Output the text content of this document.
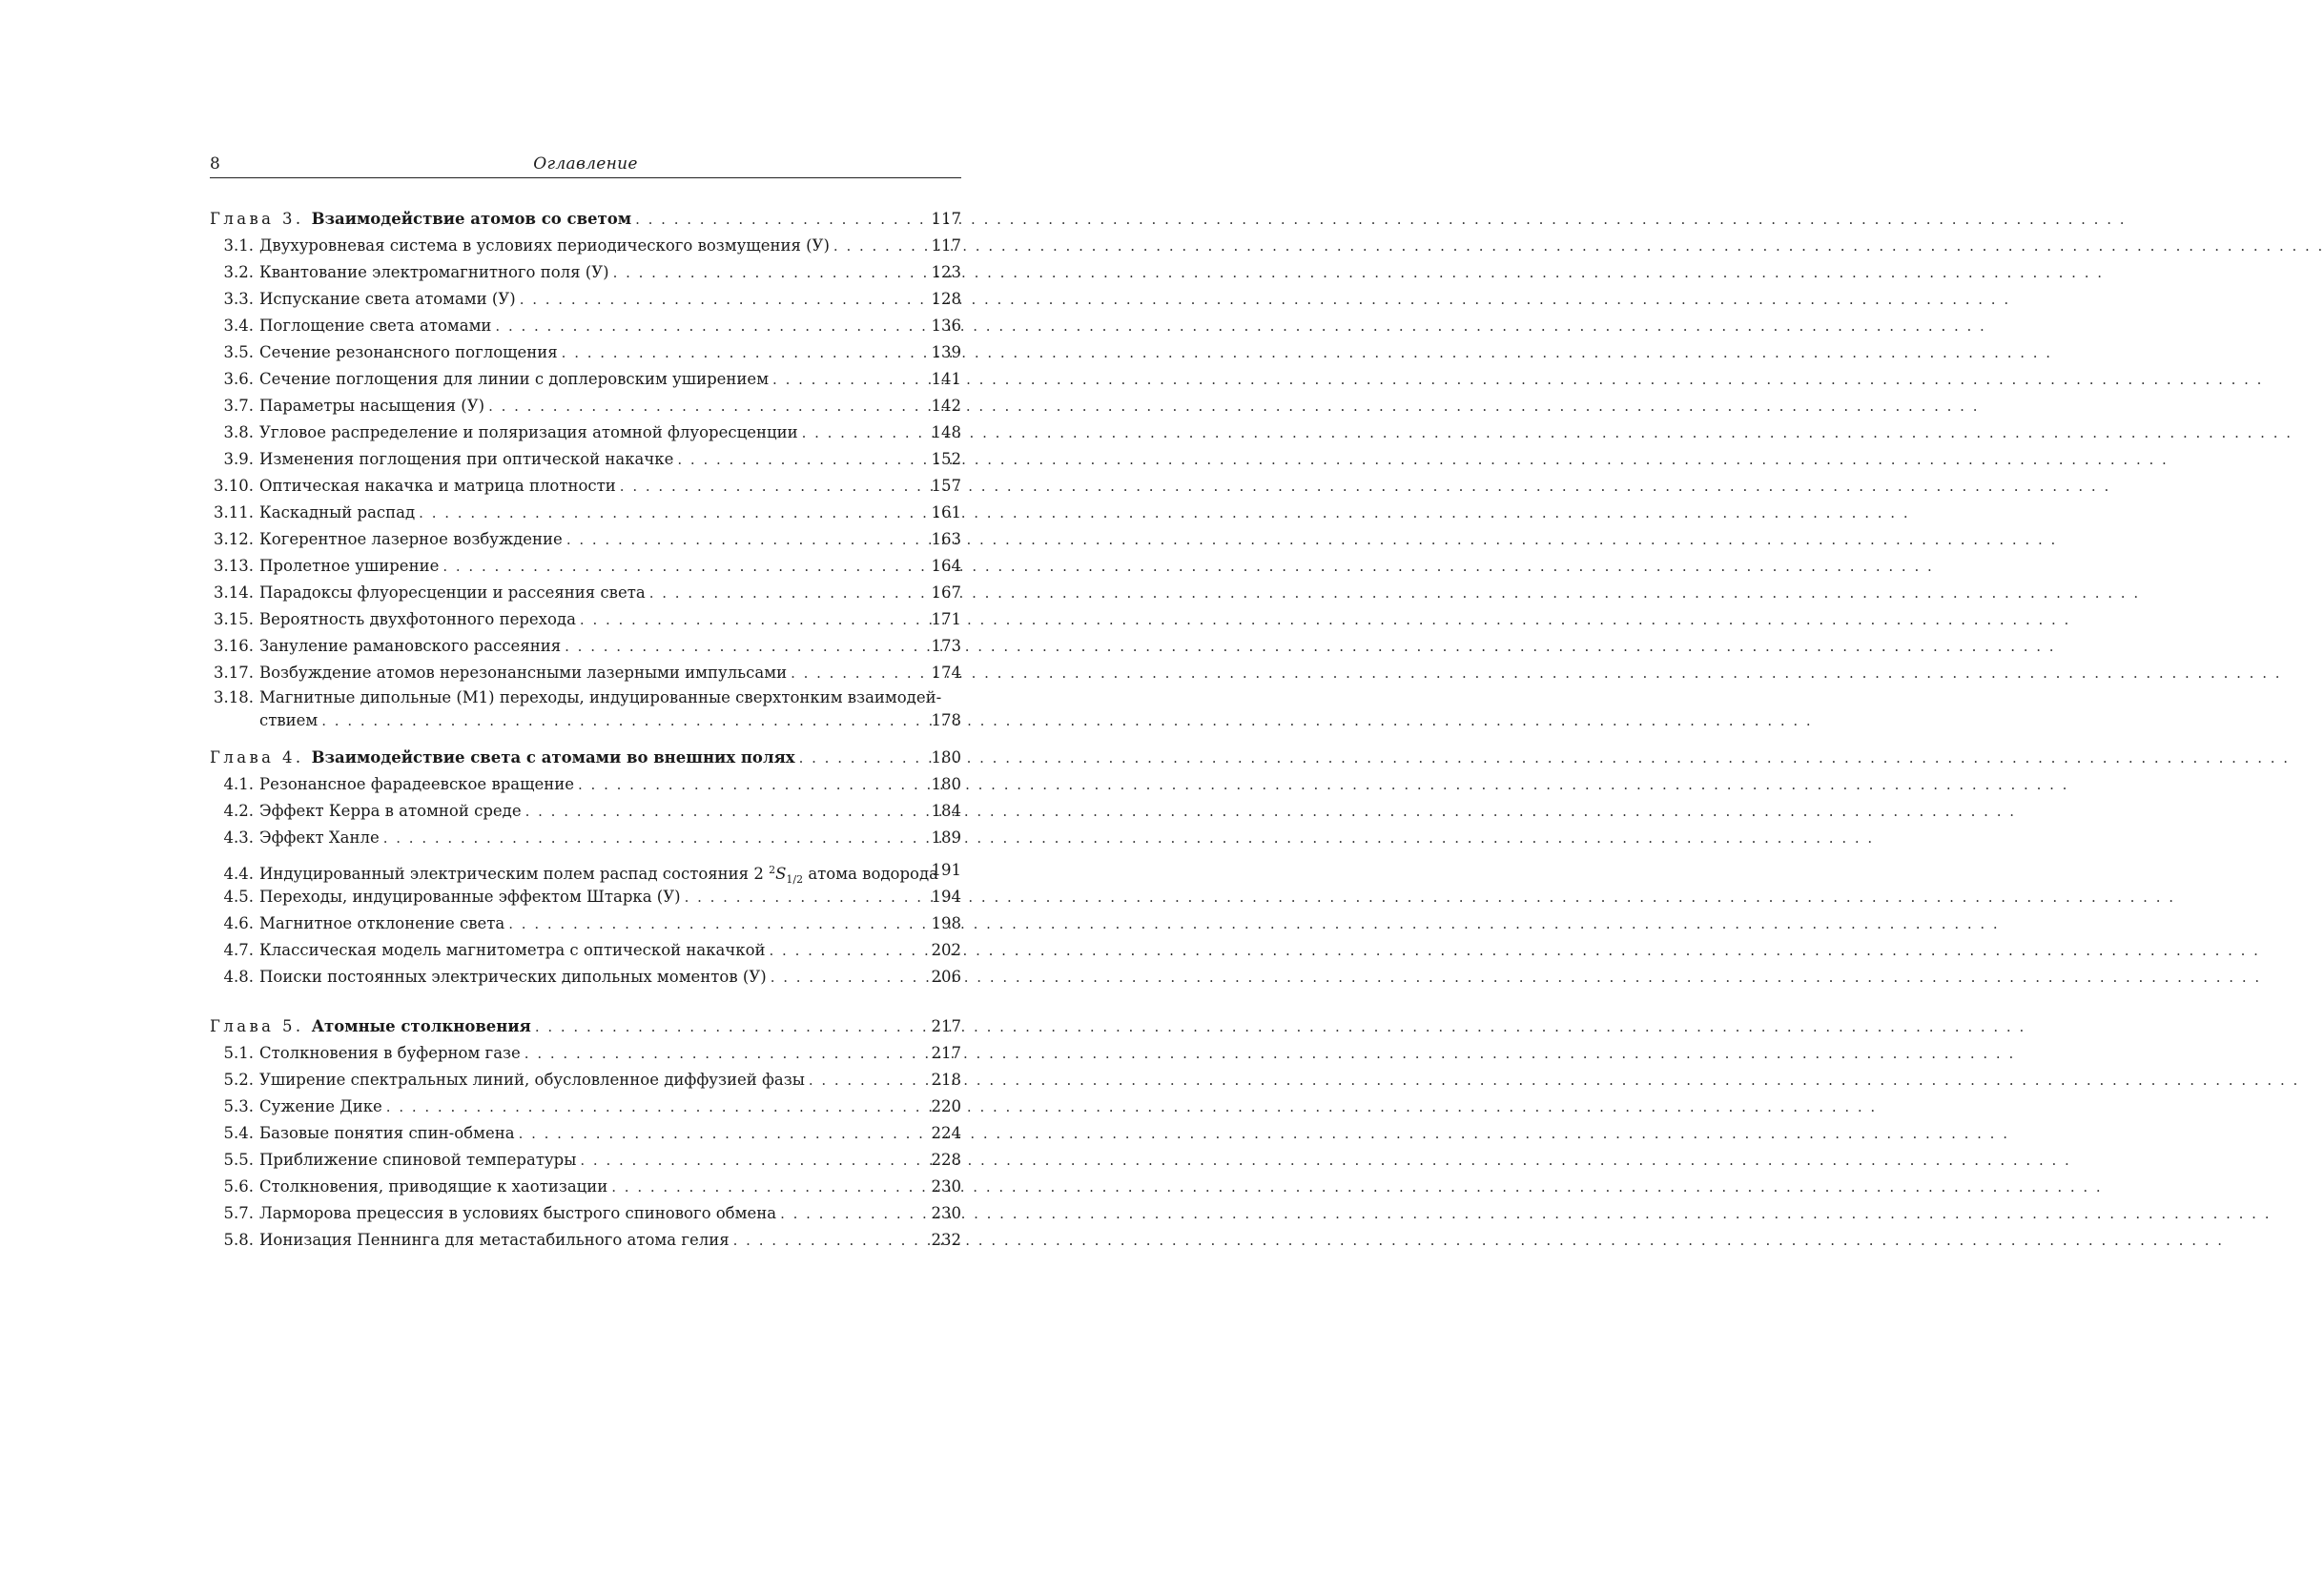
8	Оглавление
Глава 3. Взаимодействие атомов со светом . . .	117
3.1. Двухуровневая система в условиях периодического возмущения (У) . . .	117
3.2. Квантование электромагнитного поля (У) . . .	123
3.3. Испускание света атомами (У) . . .	128
3.4. Поглощение света атомами . . .	136
3.5. Сечение резонансного поглощения . . .	139
3.6. Сечение поглощения для линии с доплеровским уширением . . .	141
3.7. Параметры насыщения (У) . . .	142
3.8. Угловое распределение и поляризация атомной флуоресценции . . .	148
3.9. Изменения поглощения при оптической накачке . . .	152
3.10. Оптическая накачка и матрица плотности . . .	157
3.11. Каскадный распад . . .	161
3.12. Когерентное лазерное возбуждение . . .	163
3.13. Пролетное уширение . . .	164
3.14. Парадоксы флуоресценции и рассеяния света . . .	167
3.15. Вероятность двухфотонного перехода . . .	171
3.16. Зануление рамановского рассеяния . . .	173
3.17. Возбуждение атомов нерезонансными лазерными импульсами . . .	174
3.18. Магнитные дипольные (M1) переходы, индуцированные сверхтонким взаимодей-
ствием . . .	178
Глава 4. Взаимодействие света с атомами во внешних полях . . .	180
4.1. Резонансное фарадеевское вращение . . .	180
4.2. Эффект Керра в атомной среде . . .	184
4.3. Эффект Ханле . . .	189
4.4. Индуцированный электрическим полем распад состояния 2 $^2S_{1/2}$ атома водорода
191
4.5. Переходы, индуцированные эффектом Штарка (У) . . .	194
4.6. Магнитное отклонение света . . .	198
4.7. Классическая модель магнитометра с оптической накачкой . . .	202
4.8. Поиски постоянных электрических дипольных моментов (У) . . .	206
Глава 5. Атомные столкновения . . .	217
5.1. Столкновения в буферном газе . . .	217
5.2. Уширение спектральных линий, обусловленное диффузией фазы . . .	218
5.3. Сужение Дике . . .	220
5.4. Базовые понятия спин-обмена . . .	224
5.5. Приближение спиновой температуры . . .	228
5.6. Столкновения, приводящие к хаотизации . . .	230
5.7. Ларморова прецессия в условиях быстрого спинового обмена . . .	230
5.8. Ионизация Пеннинга для метастабильного атома гелия . . .	232
